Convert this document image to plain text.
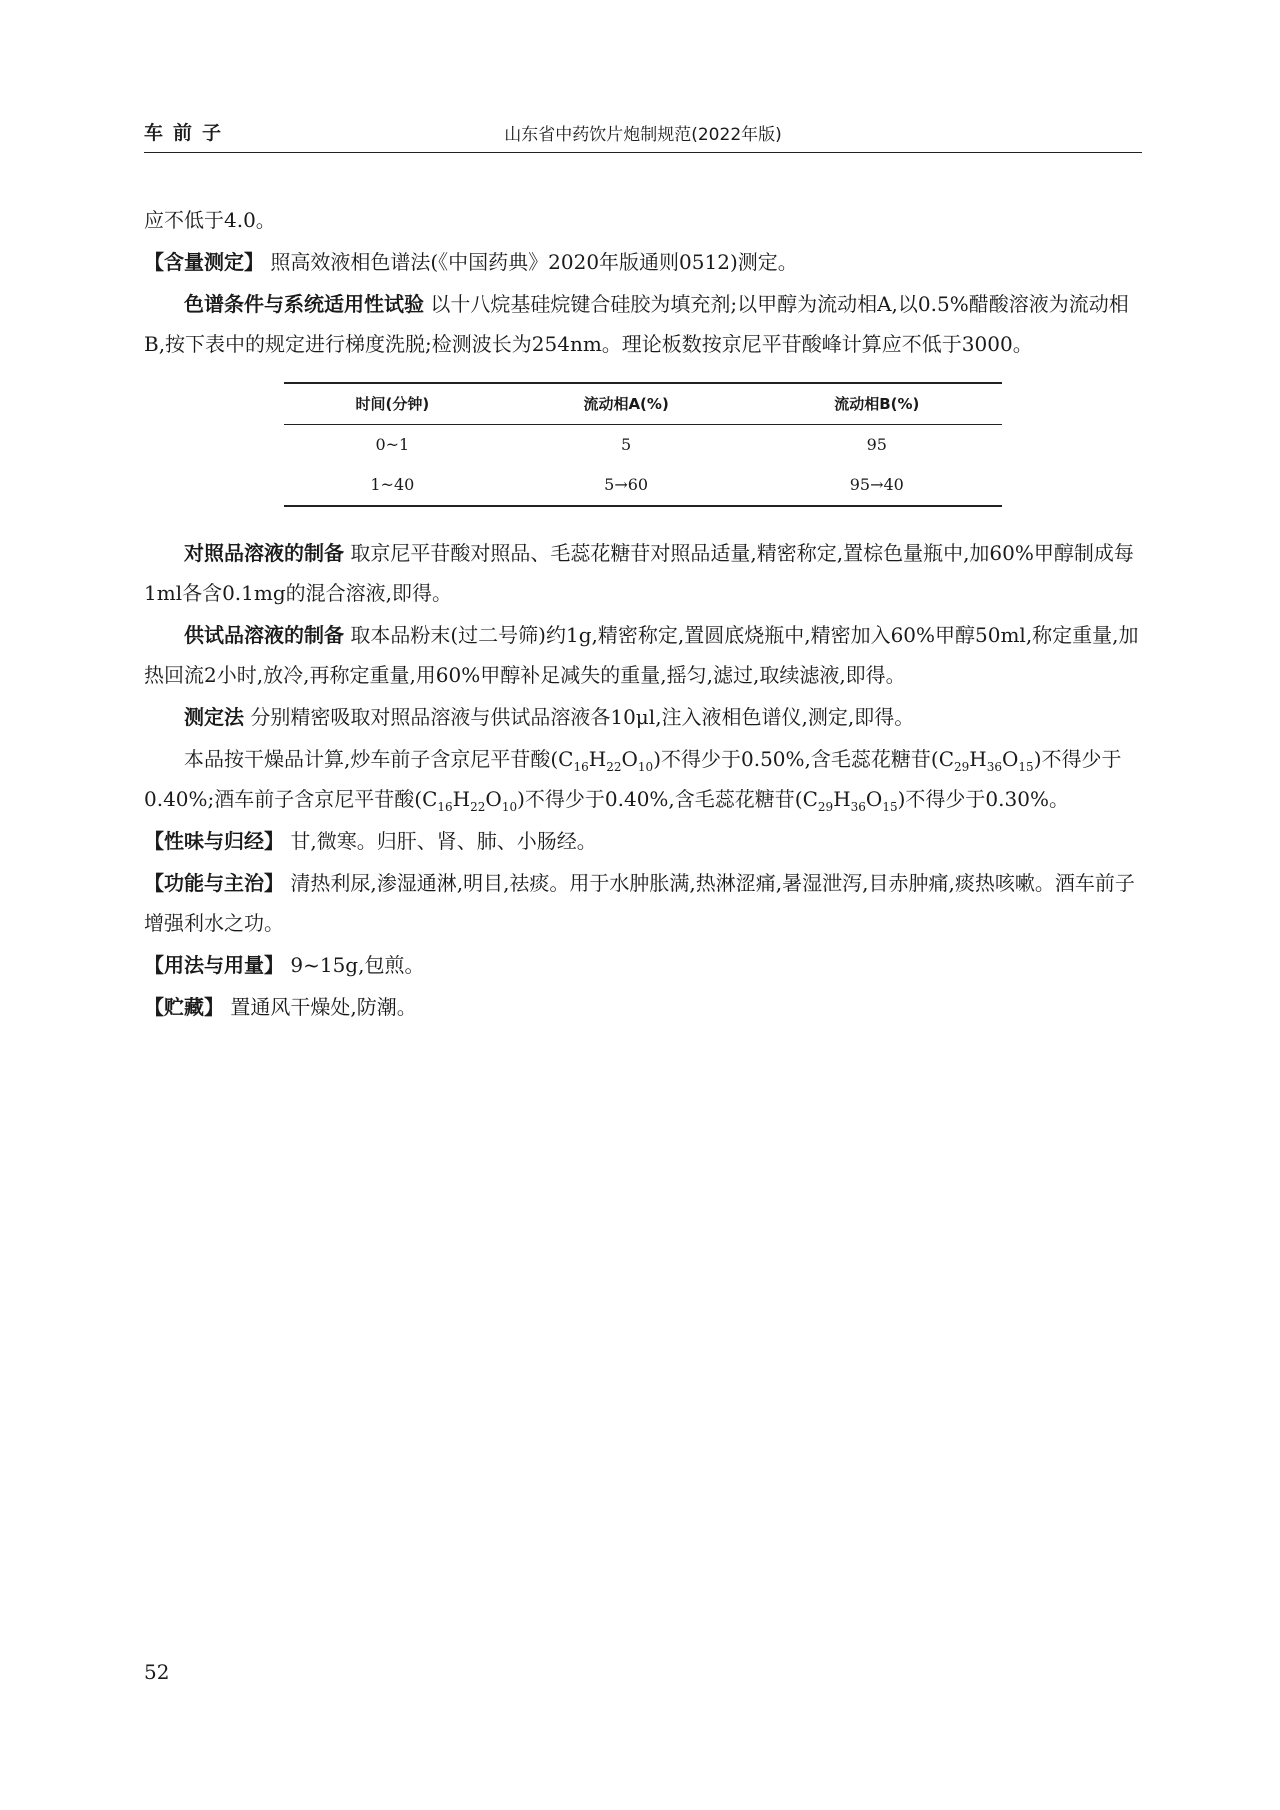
车前子	山东省中药饮片炮制规范(2022年版)

应不低于4.0。

【含量测定】 照高效液相色谱法(《中国药典》2020年版通则0512)测定。

色谱条件与系统适用性试验 以十八烷基硅烷键合硅胶为填充剂;以甲醇为流动相A,以0.5%醋酸溶液为流动相B,按下表中的规定进行梯度洗脱;检测波长为254nm。理论板数按京尼平苷酸峰计算应不低于3000。

时间(分钟)	流动相A(%)	流动相B(%)
0~1	5	95
1~40	5→60	95→40

对照品溶液的制备 取京尼平苷酸对照品、毛蕊花糖苷对照品适量,精密称定,置棕色量瓶中,加60%甲醇制成每1ml各含0.1mg的混合溶液,即得。

供试品溶液的制备 取本品粉末(过二号筛)约1g,精密称定,置圆底烧瓶中,精密加入60%甲醇50ml,称定重量,加热回流2小时,放冷,再称定重量,用60%甲醇补足减失的重量,摇匀,滤过,取续滤液,即得。

测定法 分别精密吸取对照品溶液与供试品溶液各10μl,注入液相色谱仪,测定,即得。

本品按干燥品计算,炒车前子含京尼平苷酸$(C_{16}H_{22}O_{10})$不得少于0.50%,含毛蕊花糖苷$(C_{29}H_{36}O_{15})$不得少于0.40%;酒车前子含京尼平苷酸$(C_{16}H_{22}O_{10})$不得少于0.40%,含毛蕊花糖苷$(C_{29}H_{36}O_{15})$不得少于0.30%。

【性味与归经】 甘,微寒。归肝、肾、肺、小肠经。

【功能与主治】 清热利尿,渗湿通淋,明目,祛痰。用于水肿胀满,热淋涩痛,暑湿泄泻,目赤肿痛,痰热咳嗽。酒车前子增强利水之功。

【用法与用量】 9~15g,包煎。

【贮藏】 置通风干燥处,防潮。

52
